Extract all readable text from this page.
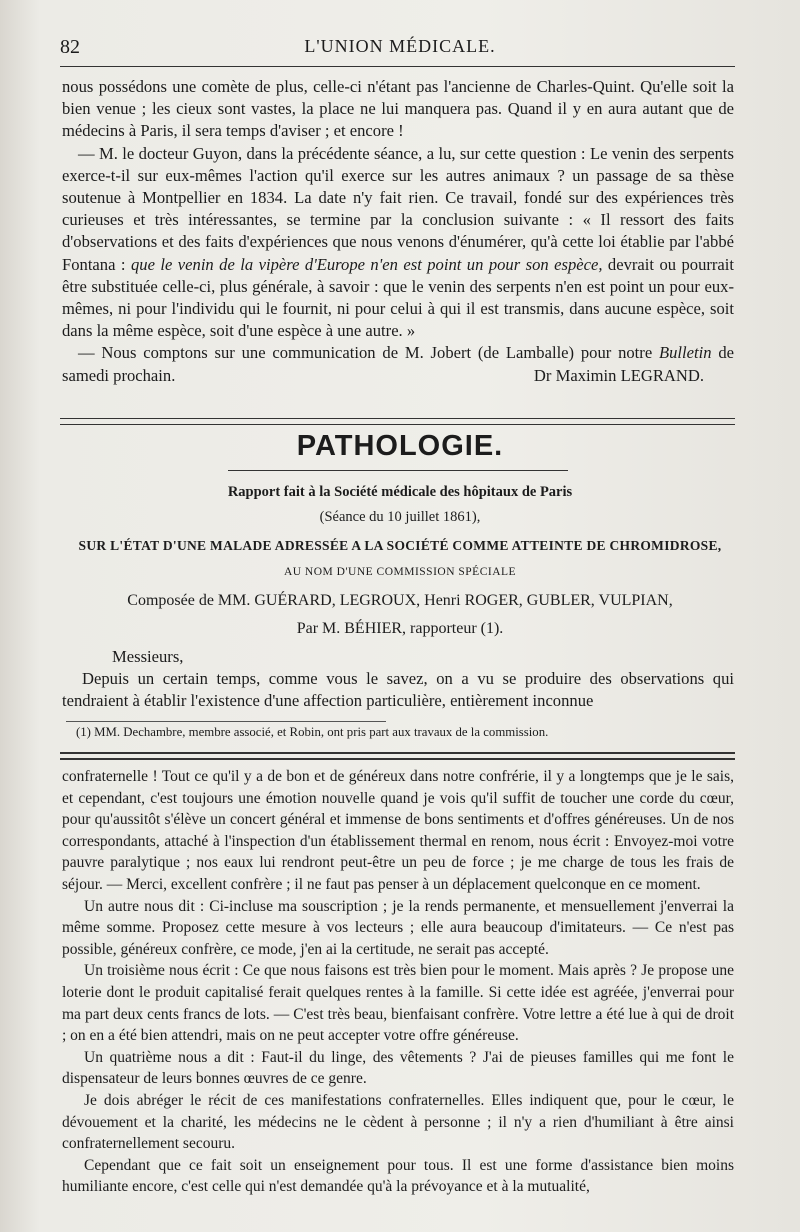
82	L'UNION MÉDICALE.

nous possédons une comète de plus, celle-ci n'étant pas l'ancienne de Charles-Quint. Qu'elle soit la bien venue ; les cieux sont vastes, la place ne lui manquera pas. Quand il y en aura autant que de médecins à Paris, il sera temps d'aviser ; et encore !

— M. le docteur Guyon, dans la précédente séance, a lu, sur cette question : Le venin des serpents exerce-t-il sur eux-mêmes l'action qu'il exerce sur les autres animaux ? un passage de sa thèse soutenue à Montpellier en 1834. La date n'y fait rien. Ce travail, fondé sur des expériences très curieuses et très intéressantes, se termine par la conclusion suivante : « Il ressort des faits d'observations et des faits d'expériences que nous venons d'énumérer, qu'à cette loi établie par l'abbé Fontana : que le venin de la vipère d'Europe n'en est point un pour son espèce, devrait ou pourrait être substituée celle-ci, plus générale, à savoir : que le venin des serpents n'en est point un pour eux-mêmes, ni pour l'individu qui le fournit, ni pour celui à qui il est transmis, dans aucune espèce, soit dans la même espèce, soit d'une espèce à une autre. »

— Nous comptons sur une communication de M. Jobert (de Lamballe) pour notre Bulletin de samedi prochain.	Dr Maximin LEGRAND.

PATHOLOGIE.
Rapport fait à la Société médicale des hôpitaux de Paris
(Séance du 10 juillet 1861),
SUR L'ÉTAT D'UNE MALADE ADRESSÉE A LA SOCIÉTÉ COMME ATTEINTE DE CHROMIDROSE,
AU NOM D'UNE COMMISSION SPÉCIALE
Composée de MM. GUÉRARD, LEGROUX, Henri ROGER, GUBLER, VULPIAN,
Par M. BÉHIER, rapporteur (1).

Messieurs,

Depuis un certain temps, comme vous le savez, on a vu se produire des observations qui tendraient à établir l'existence d'une affection particulière, entièrement inconnue

(1) MM. Dechambre, membre associé, et Robin, ont pris part aux travaux de la commission.

confraternelle ! Tout ce qu'il y a de bon et de généreux dans notre confrérie, il y a longtemps que je le sais, et cependant, c'est toujours une émotion nouvelle quand je vois qu'il suffit de toucher une corde du cœur, pour qu'aussitôt s'élève un concert général et immense de bons sentiments et d'offres généreuses. Un de nos correspondants, attaché à l'inspection d'un établissement thermal en renom, nous écrit : Envoyez-moi votre pauvre paralytique ; nos eaux lui rendront peut-être un peu de force ; je me charge de tous les frais de séjour. — Merci, excellent confrère ; il ne faut pas penser à un déplacement quelconque en ce moment.

Un autre nous dit : Ci-incluse ma souscription ; je la rends permanente, et mensuellement j'enverrai la même somme. Proposez cette mesure à vos lecteurs ; elle aura beaucoup d'imitateurs. — Ce n'est pas possible, généreux confrère, ce mode, j'en ai la certitude, ne serait pas accepté.

Un troisième nous écrit : Ce que nous faisons est très bien pour le moment. Mais après ? Je propose une loterie dont le produit capitalisé ferait quelques rentes à la famille. Si cette idée est agréée, j'enverrai pour ma part deux cents francs de lots. — C'est très beau, bienfaisant confrère. Votre lettre a été lue à qui de droit ; on en a été bien attendri, mais on ne peut accepter votre offre généreuse.

Un quatrième nous a dit : Faut-il du linge, des vêtements ? J'ai de pieuses familles qui me font le dispensateur de leurs bonnes œuvres de ce genre.

Je dois abréger le récit de ces manifestations confraternelles. Elles indiquent que, pour le cœur, le dévouement et la charité, les médecins ne le cèdent à personne ; il n'y a rien d'humiliant à être ainsi confraternellement secouru.

Cependant que ce fait soit un enseignement pour tous. Il est une forme d'assistance bien moins humiliante encore, c'est celle qui n'est demandée qu'à la prévoyance et à la mutualité,
